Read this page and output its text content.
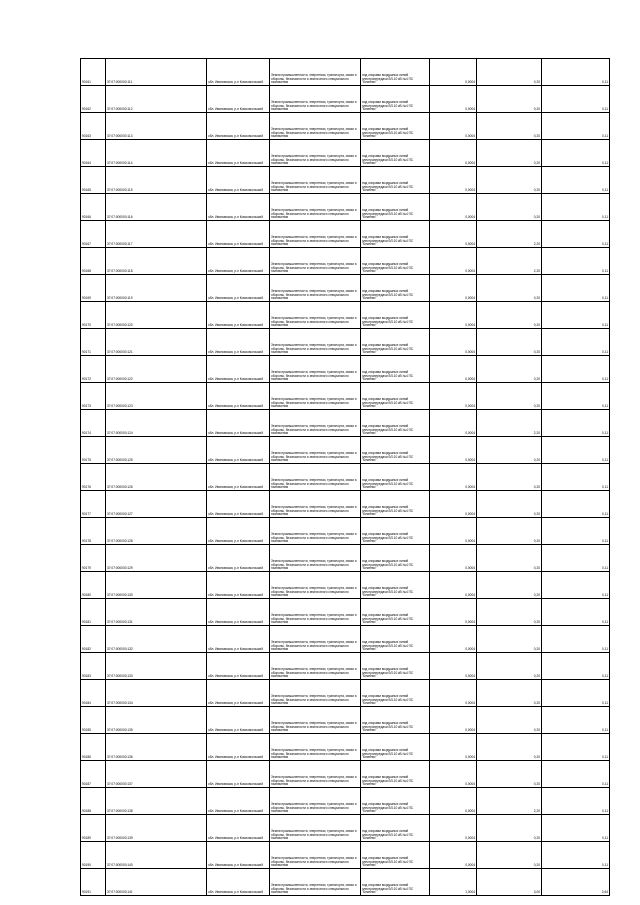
90161	37:07:000000:111	обл. Ивановская, р-н Комсомольский	Земли промышленности, энергетики, транспорта, связи и обороны, безопасности и земли иного специального назначения	под опорами воздушных линий электропередачи ВЛ-10 кВ №4 ПС "Бекеево"	0,0004	0,20	0,11
90162	37:07:000000:112	обл. Ивановская, р-н Комсомольский	Земли промышленности, энергетики, транспорта, связи и обороны, безопасности и земли иного специального назначения	под опорами воздушных линий электропередачи ВЛ-10 кВ №4 ПС "Бекеево"	0,0004	0,20	0,11
90163	37:07:000000:113	обл. Ивановская, р-н Комсомольский	Земли промышленности, энергетики, транспорта, связи и обороны, безопасности и земли иного специального назначения	под опорами воздушных линий электропередачи ВЛ-10 кВ №4 ПС "Бекеево"	0,0004	0,20	0,11
90164	37:07:000000:114	обл. Ивановская, р-н Комсомольский	Земли промышленности, энергетики, транспорта, связи и обороны, безопасности и земли иного специального назначения	под опорами воздушных линий электропередачи ВЛ-10 кВ №4 ПС "Бекеево"	0,0004	0,20	0,11
90165	37:07:000000:115	обл. Ивановская, р-н Комсомольский	Земли промышленности, энергетики, транспорта, связи и обороны, безопасности и земли иного специального назначения	под опорами воздушных линий электропередачи ВЛ-10 кВ №4 ПС "Бекеево"	0,0004	0,20	0,11
90166	37:07:000000:116	обл. Ивановская, р-н Комсомольский	Земли промышленности, энергетики, транспорта, связи и обороны, безопасности и земли иного специального назначения	под опорами воздушных линий электропередачи ВЛ-10 кВ №4 ПС "Бекеево"	0,0004	0,20	0,11
90167	37:07:000000:117	обл. Ивановская, р-н Комсомольский	Земли промышленности, энергетики, транспорта, связи и обороны, безопасности и земли иного специального назначения	под опорами воздушных линий электропередачи ВЛ-10 кВ №4 ПС "Бекеево"	0,0004	2,20	0,11
90168	37:07:000000:118	обл. Ивановская, р-н Комсомольский	Земли промышленности, энергетики, транспорта, связи и обороны, безопасности и земли иного специального назначения	под опорами воздушных линий электропередачи ВЛ-10 кВ №4 ПС "Бекеево"	0,0004	2,20	0,11
90169	37:07:000000:119	обл. Ивановская, р-н Комсомольский	Земли промышленности, энергетики, транспорта, связи и обороны, безопасности и земли иного специального назначения	под опорами воздушных линий электропередачи ВЛ-10 кВ №4 ПС "Бекеево"	0,0004	0,20	0,11
90170	37:07:000000:120	обл. Ивановская, р-н Комсомольский	Земли промышленности, энергетики, транспорта, связи и обороны, безопасности и земли иного специального назначения	под опорами воздушных линий электропередачи ВЛ-10 кВ №4 ПС "Бекеево"	0,0004	0,20	0,11
90171	37:07:000000:121	обл. Ивановская, р-н Комсомольский	Земли промышленности, энергетики, транспорта, связи и обороны, безопасности и земли иного специального назначения	под опорами воздушных линий электропередачи ВЛ-10 кВ №4 ПС "Бекеево"	0,0004	0,20	0,11
90172	37:07:000000:122	обл. Ивановская, р-н Комсомольский	Земли промышленности, энергетики, транспорта, связи и обороны, безопасности и земли иного специального назначения	под опорами воздушных линий электропередачи ВЛ-10 кВ №4 ПС "Бекеево"	0,0004	0,20	0,11
90173	37:07:000000:123	обл. Ивановская, р-н Комсомольский	Земли промышленности, энергетики, транспорта, связи и обороны, безопасности и земли иного специального назначения	под опорами воздушных линий электропередачи ВЛ-10 кВ №4 ПС "Бекеево"	0,0004	0,20	0,11
90174	37:07:000000:124	обл. Ивановская, р-н Комсомольский	Земли промышленности, энергетики, транспорта, связи и обороны, безопасности и земли иного специального назначения	под опорами воздушных линий электропередачи ВЛ-10 кВ №4 ПС "Бекеево"	0,0004	2,20	0,11
90175	37:07:000000:125	обл. Ивановская, р-н Комсомольский	Земли промышленности, энергетики, транспорта, связи и обороны, безопасности и земли иного специального назначения	под опорами воздушных линий электропередачи ВЛ-10 кВ №4 ПС "Бекеево"	0,0004	0,20	0,11
90176	37:07:000000:126	обл. Ивановская, р-н Комсомольский	Земли промышленности, энергетики, транспорта, связи и обороны, безопасности и земли иного специального назначения	под опорами воздушных линий электропередачи ВЛ-10 кВ №4 ПС "Бекеево"	0,0004	0,20	0,11
90177	37:07:000000:127	обл. Ивановская, р-н Комсомольский	Земли промышленности, энергетики, транспорта, связи и обороны, безопасности и земли иного специального назначения	под опорами воздушных линий электропередачи ВЛ-10 кВ №4 ПС "Бекеево"	0,0004	0,20	0,11
90178	37:07:000000:128	обл. Ивановская, р-н Комсомольский	Земли промышленности, энергетики, транспорта, связи и обороны, безопасности и земли иного специального назначения	под опорами воздушных линий электропередачи ВЛ-10 кВ №4 ПС "Бекеево"	0,0004	0,20	0,11
90179	37:07:000000:129	обл. Ивановская, р-н Комсомольский	Земли промышленности, энергетики, транспорта, связи и обороны, безопасности и земли иного специального назначения	под опорами воздушных линий электропередачи ВЛ-10 кВ №4 ПС "Бекеево"	0,0004	0,20	0,11
90180	37:07:000000:130	обл. Ивановская, р-н Комсомольский	Земли промышленности, энергетики, транспорта, связи и обороны, безопасности и земли иного специального назначения	под опорами воздушных линий электропередачи ВЛ-10 кВ №4 ПС "Бекеево"	0,0004	0,20	0,11
90181	37:07:000000:131	обл. Ивановская, р-н Комсомольский	Земли промышленности, энергетики, транспорта, связи и обороны, безопасности и земли иного специального назначения	под опорами воздушных линий электропередачи ВЛ-10 кВ №4 ПС "Бекеево"	0,0004	0,20	0,11
90182	37:07:000000:132	обл. Ивановская, р-н Комсомольский	Земли промышленности, энергетики, транспорта, связи и обороны, безопасности и земли иного специального назначения	под опорами воздушных линий электропередачи ВЛ-10 кВ №4 ПС "Бекеево"	0,0004	0,20	0,11
90183	37:07:000000:133	обл. Ивановская, р-н Комсомольский	Земли промышленности, энергетики, транспорта, связи и обороны, безопасности и земли иного специального назначения	под опорами воздушных линий электропередачи ВЛ-10 кВ №4 ПС "Бекеево"	0,0004	0,20	0,11
90184	37:07:000000:134	обл. Ивановская, р-н Комсомольский	Земли промышленности, энергетики, транспорта, связи и обороны, безопасности и земли иного специального назначения	под опорами воздушных линий электропередачи ВЛ-10 кВ №4 ПС "Бекеево"	0,0004	0,20	0,11
90185	37:07:000000:135	обл. Ивановская, р-н Комсомольский	Земли промышленности, энергетики, транспорта, связи и обороны, безопасности и земли иного специального назначения	под опорами воздушных линий электропередачи ВЛ-10 кВ №4 ПС "Бекеево"	0,0004	0,20	0,11
90186	37:07:000000:136	обл. Ивановская, р-н Комсомольский	Земли промышленности, энергетики, транспорта, связи и обороны, безопасности и земли иного специального назначения	под опорами воздушных линий электропередачи ВЛ-10 кВ №4 ПС "Бекеево"	0,0004	0,20	0,11
90187	37:07:000000:137	обл. Ивановская, р-н Комсомольский	Земли промышленности, энергетики, транспорта, связи и обороны, безопасности и земли иного специального назначения	под опорами воздушных линий электропередачи ВЛ-10 кВ №4 ПС "Бекеево"	0,0004	0,20	0,11
90188	37:07:000000:138	обл. Ивановская, р-н Комсомольский	Земли промышленности, энергетики, транспорта, связи и обороны, безопасности и земли иного специального назначения	под опорами воздушных линий электропередачи ВЛ-10 кВ №4 ПС "Бекеево"	0,0004	2,20	0,11
90189	37:07:000000:139	обл. Ивановская, р-н Комсомольский	Земли промышленности, энергетики, транспорта, связи и обороны, безопасности и земли иного специального назначения	под опорами воздушных линий электропередачи ВЛ-10 кВ №4 ПС "Бекеево"	0,0004	0,20	0,11
90190	37:07:000000:140	обл. Ивановская, р-н Комсомольский	Земли промышленности, энергетики, транспорта, связи и обороны, безопасности и земли иного специального назначения	под опорами воздушных линий электропередачи ВЛ-10 кВ №4 ПС "Бекеево"	0,0004	0,20	0,11
90191	37:07:000000:141	обл. Ивановская, р-н Комсомольский	Земли промышленности, энергетики, транспорта, связи и обороны, безопасности и земли иного специального назначения	под опорами воздушных линий электропередачи ВЛ-10 кВ №4 ПС "Бекеево"	1,0004	3,00	2,64
